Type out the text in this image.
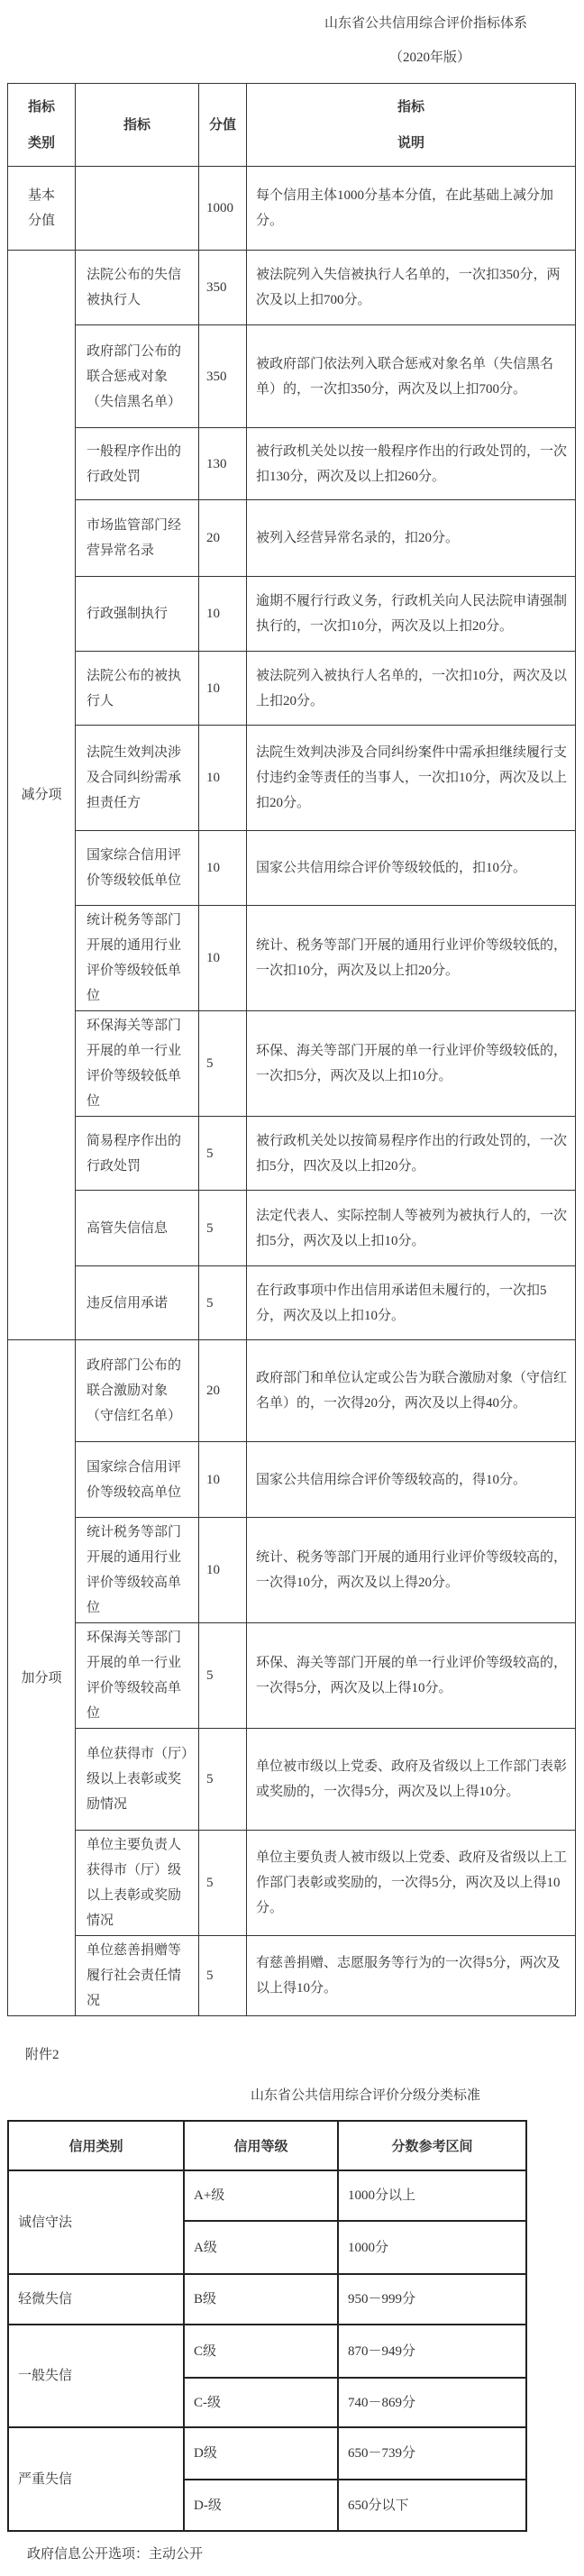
山东省公共信用综合评价指标体系
（2020年版）
指标类别	指标	分值	指标说明
基本分值		1000	每个信用主体1000分基本分值，在此基础上减分加分。
减分项	法院公布的失信被执行人	350	被法院列入失信被执行人名单的，一次扣350分，两次及以上扣700分。
	政府部门公布的联合惩戒对象（失信黑名单）	350	被政府部门依法列入联合惩戒对象名单（失信黑名单）的，一次扣350分，两次及以上扣700分。
	一般程序作出的行政处罚	130	被行政机关处以按一般程序作出的行政处罚的，一次扣130分，两次及以上扣260分。
	市场监管部门经营异常名录	20	被列入经营异常名录的，扣20分。
	行政强制执行	10	逾期不履行行政义务，行政机关向人民法院申请强制执行的，一次扣10分，两次及以上扣20分。
	法院公布的被执行人	10	被法院列入被执行人名单的，一次扣10分，两次及以上扣20分。
	法院生效判决涉及合同纠纷需承担责任方	10	法院生效判决涉及合同纠纷案件中需承担继续履行支付违约金等责任的当事人，一次扣10分，两次及以上扣20分。
	国家综合信用评价等级较低单位	10	国家公共信用综合评价等级较低的，扣10分。
	统计税务等部门开展的通用行业评价等级较低单位	10	统计、税务等部门开展的通用行业评价等级较低的，一次扣10分，两次及以上扣20分。
	环保海关等部门开展的单一行业评价等级较低单位	5	环保、海关等部门开展的单一行业评价等级较低的，一次扣5分，两次及以上扣10分。
	简易程序作出的行政处罚	5	被行政机关处以按简易程序作出的行政处罚的，一次扣5分，四次及以上扣20分。
	高管失信信息	5	法定代表人、实际控制人等被列为被执行人的，一次扣5分，两次及以上扣10分。
	违反信用承诺	5	在行政事项中作出信用承诺但未履行的，一次扣5分，两次及以上扣10分。
加分项	政府部门公布的联合激励对象（守信红名单）	20	政府部门和单位认定或公告为联合激励对象（守信红名单）的，一次得20分，两次及以上得40分。
	国家综合信用评价等级较高单位	10	国家公共信用综合评价等级较高的，得10分。
	统计税务等部门开展的通用行业评价等级较高单位	10	统计、税务等部门开展的通用行业评价等级较高的，一次得10分，两次及以上得20分。
	环保海关等部门开展的单一行业评价等级较高单位	5	环保、海关等部门开展的单一行业评价等级较高的，一次得5分，两次及以上得10分。
	单位获得市（厅）级以上表彰或奖励情况	5	单位被市级以上党委、政府及省级以上工作部门表彰或奖励的，一次得5分，两次及以上得10分。
	单位主要负责人获得市（厅）级以上表彰或奖励情况	5	单位主要负责人被市级以上党委、政府及省级以上工作部门表彰或奖励的，一次得5分，两次及以上得10分。
	单位慈善捐赠等履行社会责任情况	5	有慈善捐赠、志愿服务等行为的一次得5分，两次及以上得10分。
附件2
山东省公共信用综合评价分级分类标准
信用类别	信用等级	分数参考区间
诚信守法	A+级	1000分以上
	A级	1000分
轻微失信	B级	950－999分
一般失信	C级	870－949分
	C-级	740－869分
严重失信	D级	650－739分
	D-级	650分以下
政府信息公开选项：主动公开
